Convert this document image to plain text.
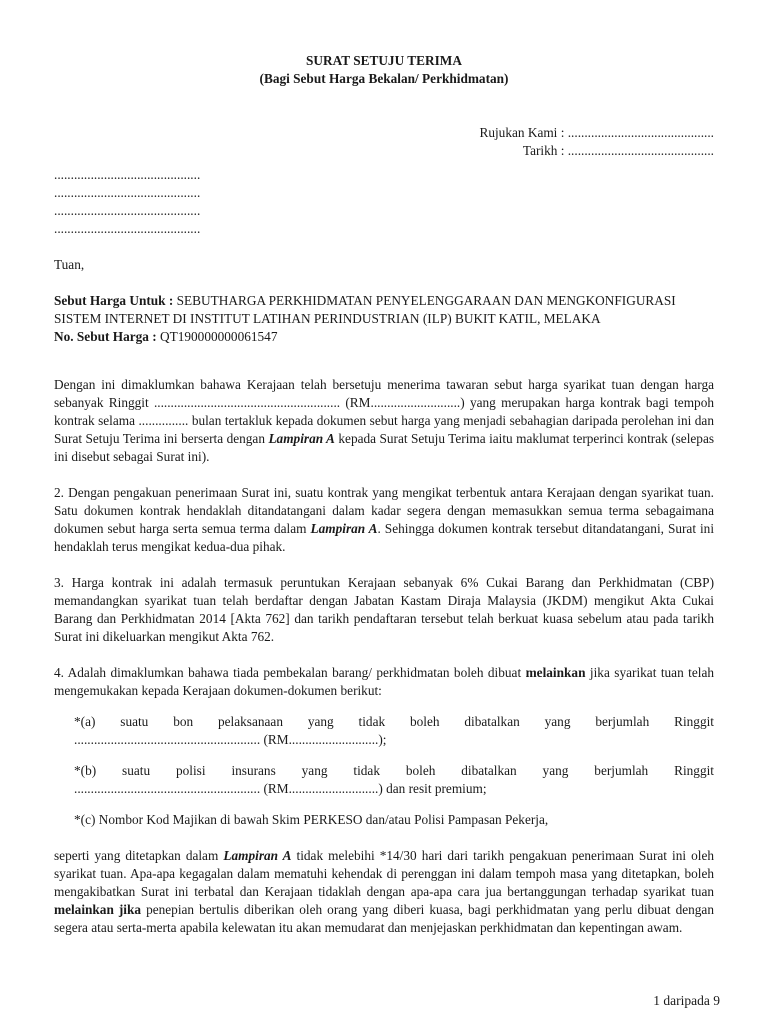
SURAT SETUJU TERIMA
(Bagi Sebut Harga Bekalan/ Perkhidmatan)
Rujukan Kami : ............................................
Tarikh : ............................................
............................................
............................................
............................................
............................................
Tuan,
Sebut Harga Untuk : SEBUTHARGA PERKHIDMATAN PENYELENGGARAAN DAN MENGKONFIGURASI SISTEM INTERNET DI INSTITUT LATIHAN PERINDUSTRIAN (ILP) BUKIT KATIL, MELAKA
No. Sebut Harga : QT190000000061547
Dengan ini dimaklumkan bahawa Kerajaan telah bersetuju menerima tawaran sebut harga syarikat tuan dengan harga sebanyak Ringgit ........................................................ (RM...........................) yang merupakan harga kontrak bagi tempoh kontrak selama ............... bulan tertakluk kepada dokumen sebut harga yang menjadi sebahagian daripada perolehan ini dan Surat Setuju Terima ini berserta dengan Lampiran A kepada Surat Setuju Terima iaitu maklumat terperinci kontrak (selepas ini disebut sebagai Surat ini).
2. Dengan pengakuan penerimaan Surat ini, suatu kontrak yang mengikat terbentuk antara Kerajaan dengan syarikat tuan. Satu dokumen kontrak hendaklah ditandatangani dalam kadar segera dengan memasukkan semua terma sebagaimana dokumen sebut harga serta semua terma dalam Lampiran A. Sehingga dokumen kontrak tersebut ditandatangani, Surat ini hendaklah terus mengikat kedua-dua pihak.
3. Harga kontrak ini adalah termasuk peruntukan Kerajaan sebanyak 6% Cukai Barang dan Perkhidmatan (CBP) memandangkan syarikat tuan telah berdaftar dengan Jabatan Kastam Diraja Malaysia (JKDM) mengikut Akta Cukai Barang dan Perkhidmatan 2014 [Akta 762] dan tarikh pendaftaran tersebut telah berkuat kuasa sebelum atau pada tarikh Surat ini dikeluarkan mengikut Akta 762.
4. Adalah dimaklumkan bahawa tiada pembekalan barang/ perkhidmatan boleh dibuat melainkan jika syarikat tuan telah mengemukakan kepada Kerajaan dokumen-dokumen berikut:
*(a) suatu bon pelaksanaan yang tidak boleh dibatalkan yang berjumlah Ringgit
........................................................ (RM...........................);
*(b) suatu polisi insurans yang tidak boleh dibatalkan yang berjumlah Ringgit
........................................................ (RM...........................) dan resit premium;
*(c) Nombor Kod Majikan di bawah Skim PERKESO dan/atau Polisi Pampasan Pekerja,
seperti yang ditetapkan dalam Lampiran A tidak melebihi *14/30 hari dari tarikh pengakuan penerimaan Surat ini oleh syarikat tuan. Apa-apa kegagalan dalam mematuhi kehendak di perenggan ini dalam tempoh masa yang ditetapkan, boleh mengakibatkan Surat ini terbatal dan Kerajaan tidaklah dengan apa-apa cara jua bertanggungan terhadap syarikat tuan melainkan jika penepian bertulis diberikan oleh orang yang diberi kuasa, bagi perkhidmatan yang perlu dibuat dengan segera atau serta-merta apabila kelewatan itu akan memudarat dan menjejaskan perkhidmatan dan kepentingan awam.
1 daripada 9
